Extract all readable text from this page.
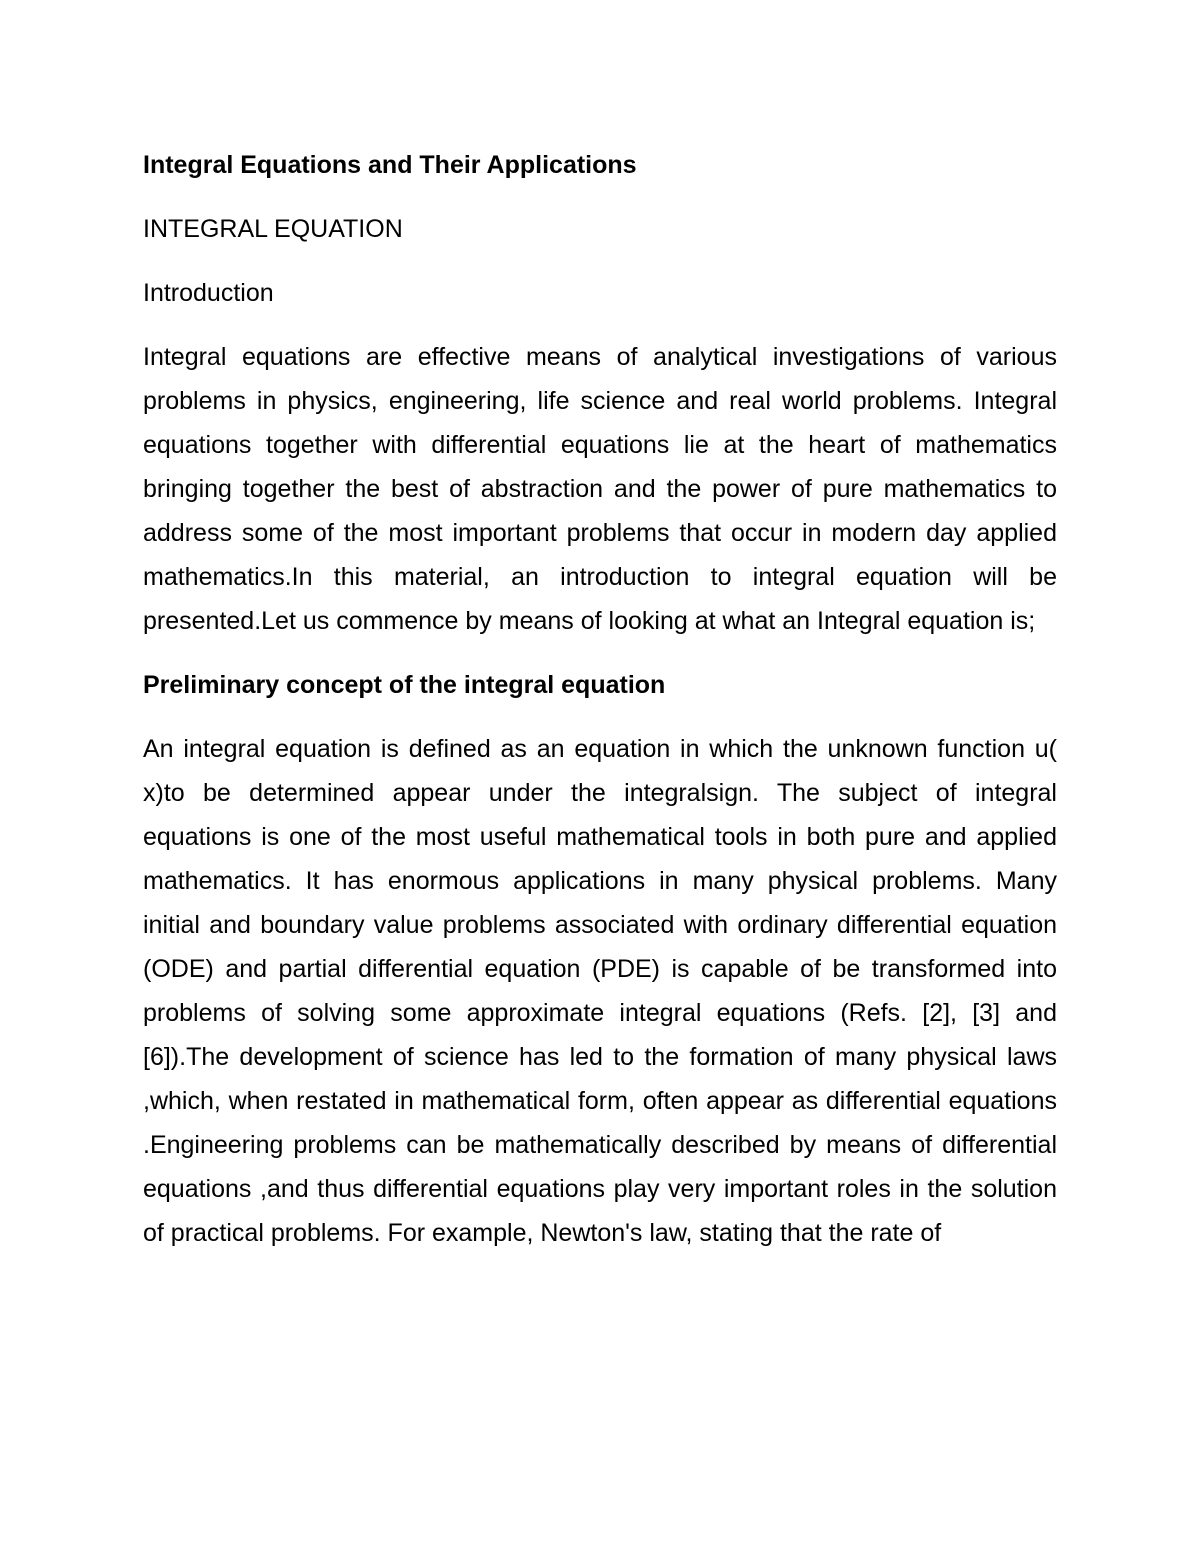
Integral Equations and Their Applications
INTEGRAL EQUATION
Introduction
Integral equations are effective means of analytical investigations of various problems in physics, engineering, life science and real world problems. Integral equations together with differential equations lie at the heart of mathematics bringing together the best of abstraction and the power of pure mathematics to address some of the most important problems that occur in modern day applied mathematics.In this material, an introduction to integral equation will be presented.Let us commence by means of looking at what an Integral equation is;
Preliminary concept of the integral equation
An integral equation is defined as an equation in which the unknown function u( x)to be determined appear under the integralsign. The subject of integral equations is one of the most useful mathematical tools in both pure and applied mathematics. It has enormous applications in many physical problems. Many initial and boundary value problems associated with ordinary differential equation (ODE) and partial differential equation (PDE) is capable of be transformed into problems of solving some approximate integral equations (Refs. [2], [3] and [6]).The development of science has led to the formation of many physical laws ,which, when restated in mathematical form, often appear as differential equations .Engineering problems can be mathematically described by means of differential equations ,and thus differential equations play very important roles in the solution of practical problems. For example, Newton's law, stating that the rate of
